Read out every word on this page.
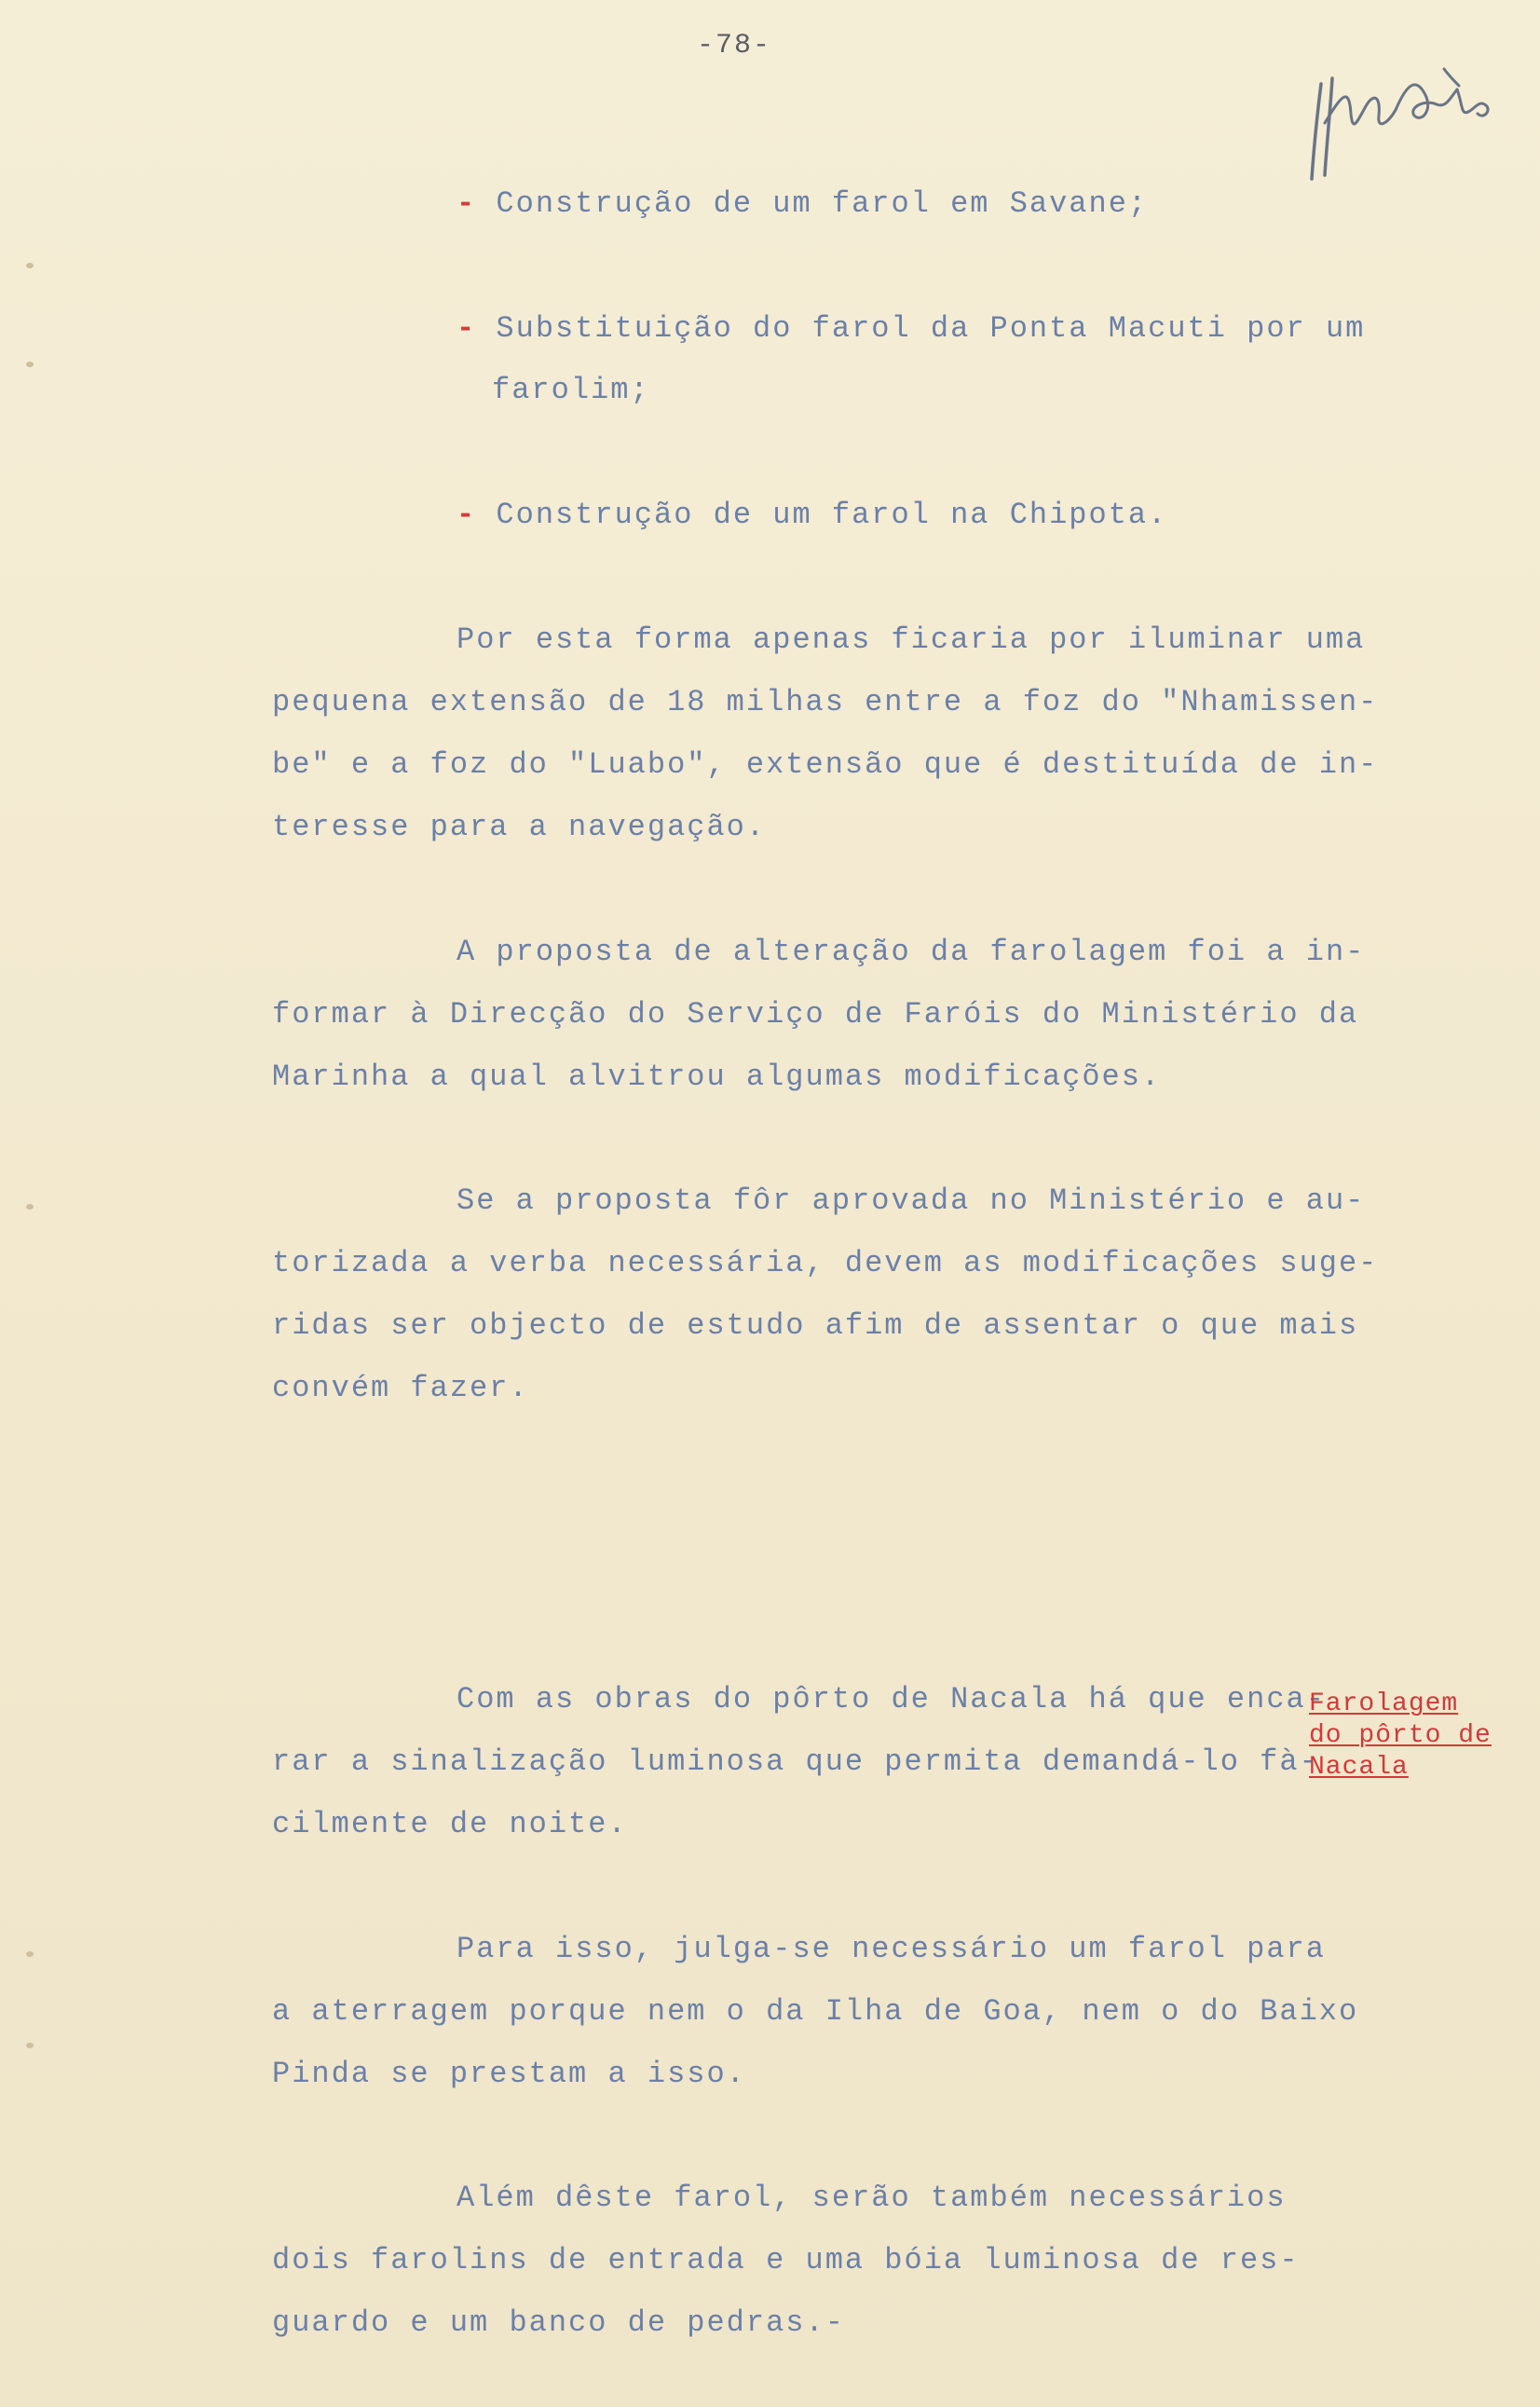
-78-
- Construção de um farol em Savane;
- Substituição do farol da Ponta Macuti por um
farolim;
- Construção de um farol na Chipota.
Por esta forma apenas ficaria por iluminar uma
pequena extensão de 18 milhas entre a foz do "Nhamissen-
be" e a foz do "Luabo", extensão que é destituída de in-
teresse para a navegação.
A proposta de alteração da farolagem foi a in-
formar à Direcção do Serviço de Faróis do Ministério da
Marinha a qual alvitrou algumas modificações.
Se a proposta fôr aprovada no Ministério e au-
torizada a verba necessária, devem as modificações suge-
ridas ser objecto de estudo afim de assentar o que mais
convém fazer.
Com as obras do pôrto de Nacala há que enca-
rar a sinalização luminosa que permita demandá-lo fà-
cilmente de noite.
Para isso, julga-se necessário um farol para
a aterragem porque nem o da Ilha de Goa, nem o do Baixo
Pinda se prestam a isso.
Além dêste farol, serão também necessários
dois farolins de entrada e uma bóia luminosa de res-
guardo e um banco de pedras.-
Farolagem
do pôrto de
Nacala
